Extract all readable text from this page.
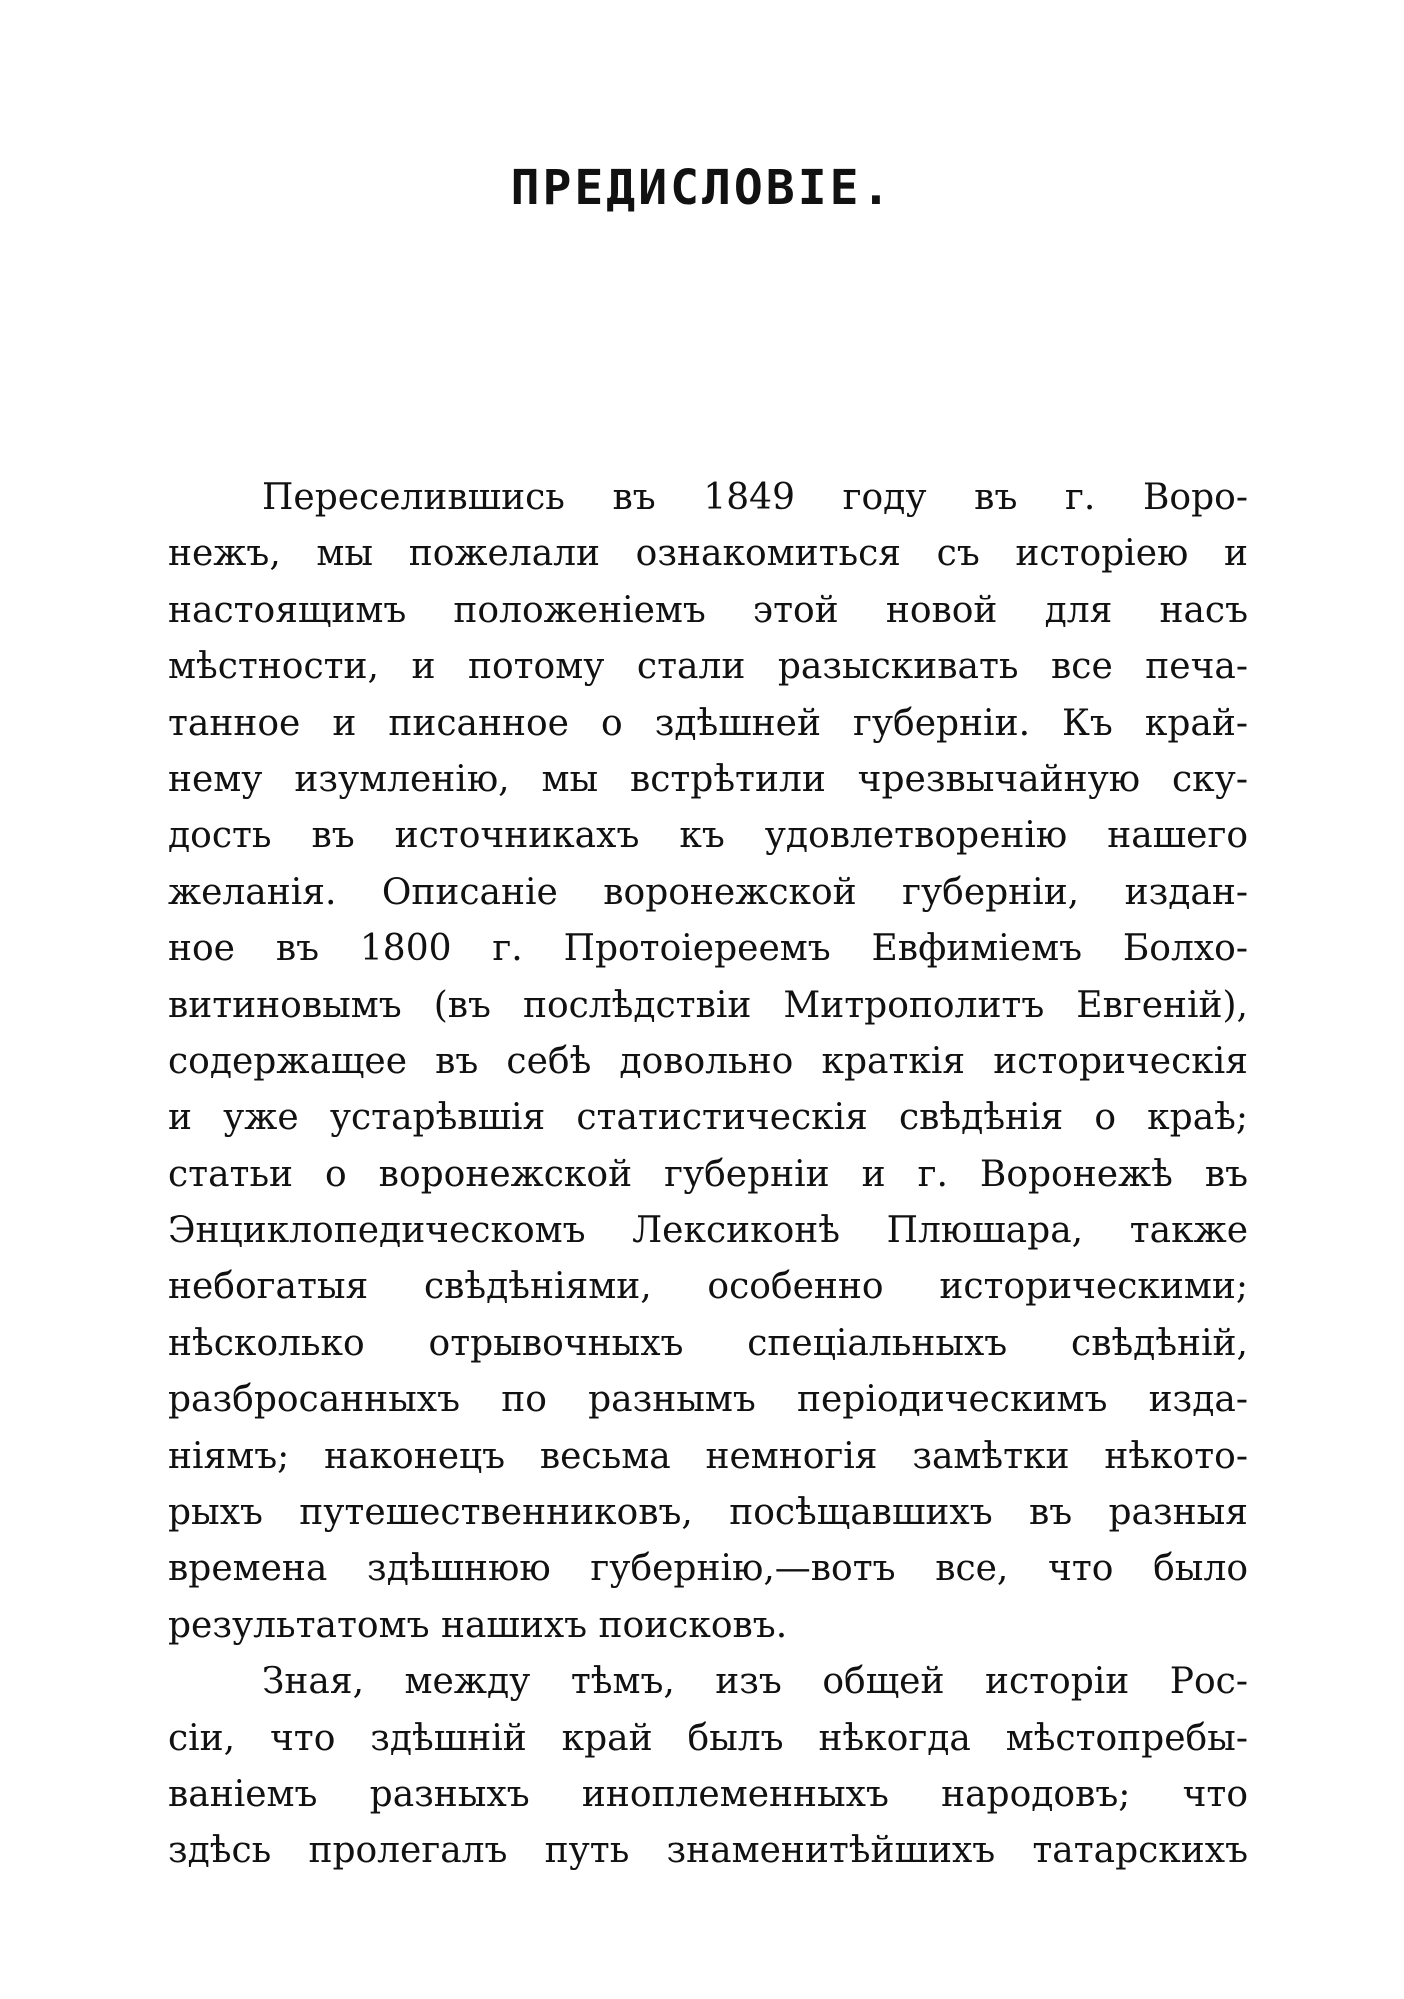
ПРЕДИСЛОВІЕ.
Переселившись въ 1849 году въ г. Воро-
нежъ, мы пожелали ознакомиться съ исторіею и
настоящимъ положеніемъ этой новой для насъ
мѣстности, и потому стали разыскивать все печа-
танное и писанное о здѣшней губерніи. Къ край-
нему изумленію, мы встрѣтили чрезвычайную ску-
дость въ источникахъ къ удовлетворенію нашего
желанія. Описаніе воронежской губерніи, издан-
ное въ 1800 г. Протоіереемъ Евфиміемъ Болхо-
витиновымъ (въ послѣдствіи Митрополитъ Евгеній),
содержащее въ себѣ довольно краткія историческія
и уже устарѣвшія статистическія свѣдѣнія о краѣ;
статьи о воронежской губерніи и г. Воронежѣ въ
Энциклопедическомъ Лексиконѣ Плюшара, также
небогатыя свѣдѣніями, особенно историческими;
нѣсколько отрывочныхъ спеціальныхъ свѣдѣній,
разбросанныхъ по разнымъ періодическимъ изда-
ніямъ; наконецъ весьма немногія замѣтки нѣкото-
рыхъ путешественниковъ, посѣщавшихъ въ разныя
времена здѣшнюю губернію,—вотъ все, что было
результатомъ нашихъ поисковъ.
Зная, между тѣмъ, изъ общей исторіи Рос-
сіи, что здѣшній край былъ нѣкогда мѣстопребы-
ваніемъ разныхъ иноплеменныхъ народовъ; что
здѣсь пролегалъ путь знаменитѣйшихъ татарскихъ
